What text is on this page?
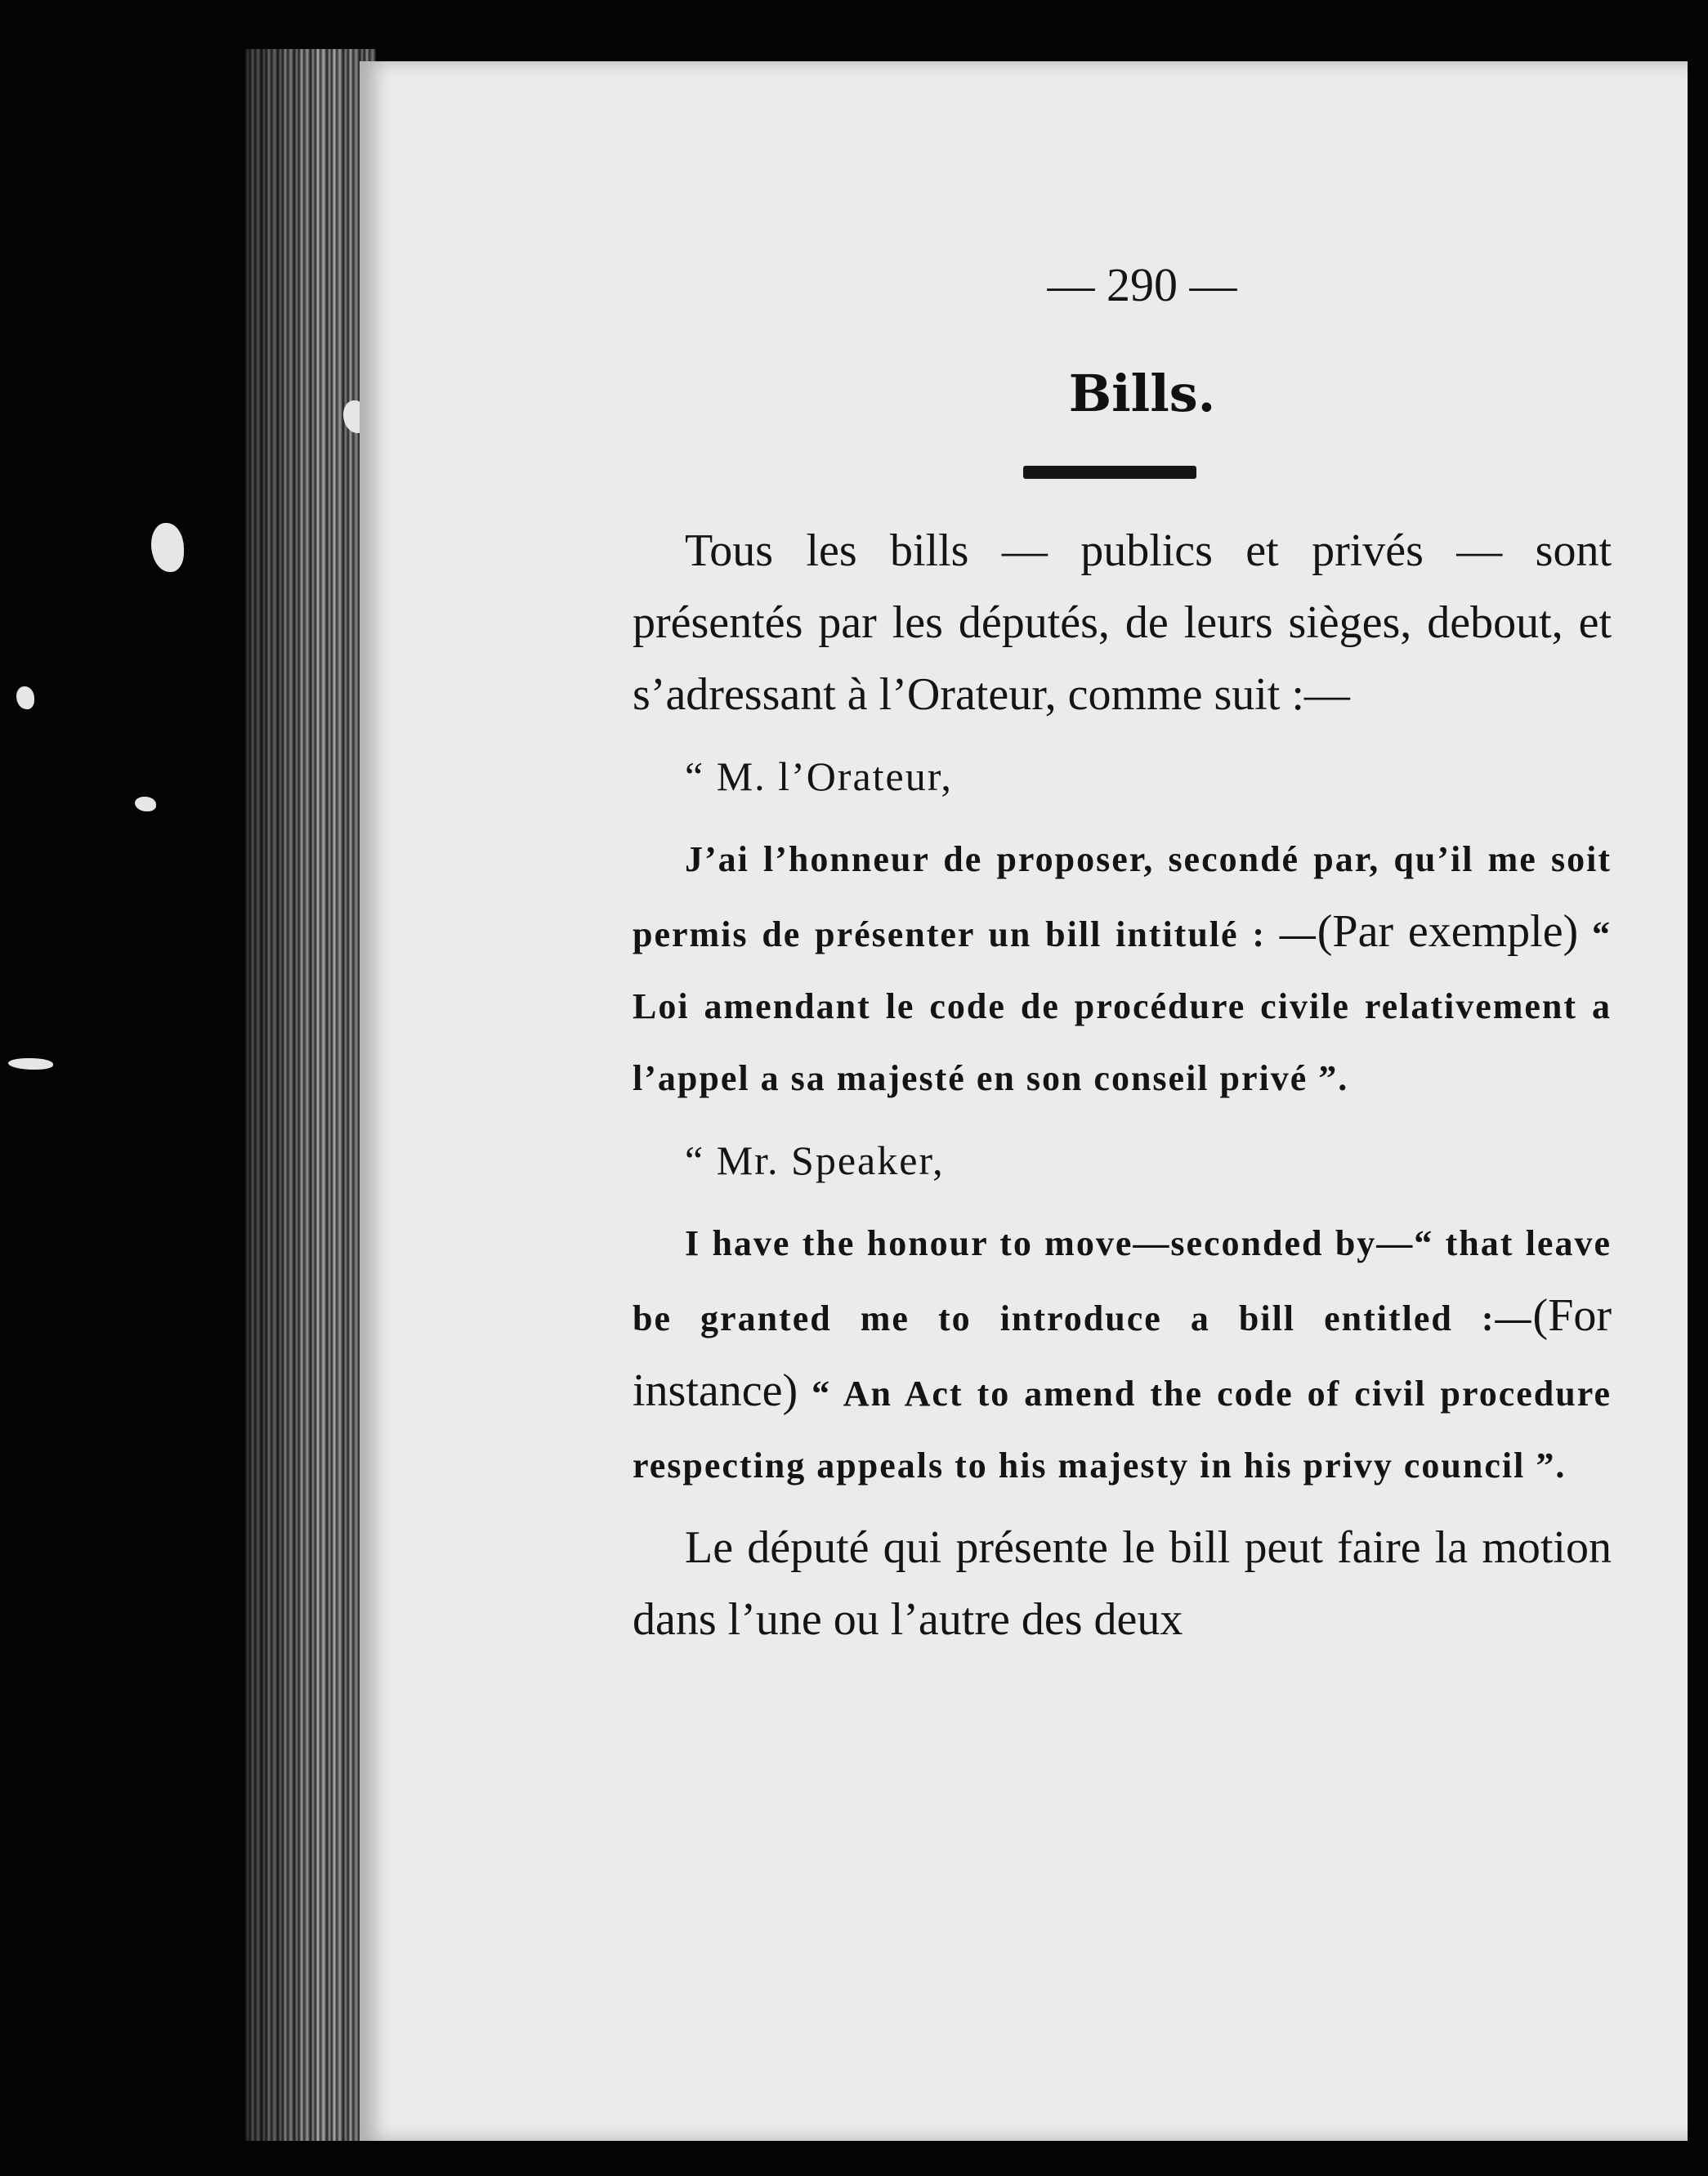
— 290 —
Bills.

Tous les bills — publics et privés — sont présentés par les députés, de leurs sièges, debout, et s’adressant à l’Orateur, comme suit :—

“ M. l’Orateur,

J’ai l’honneur de proposer, secondé par, qu’il me soit permis de présenter un bill intitulé : —(Par exemple) “ Loi amendant le code de procédure civile relativement a l’appel a sa majesté en son conseil privé ”.

“ Mr. Speaker,

I have the honour to move—seconded by—“ that leave be granted me to introduce a bill entitled :—(For instance) “ An Act to amend the code of civil procedure respecting appeals to his majesty in his privy council ”.

Le député qui présente le bill peut faire la motion dans l’une ou l’autre des deux
